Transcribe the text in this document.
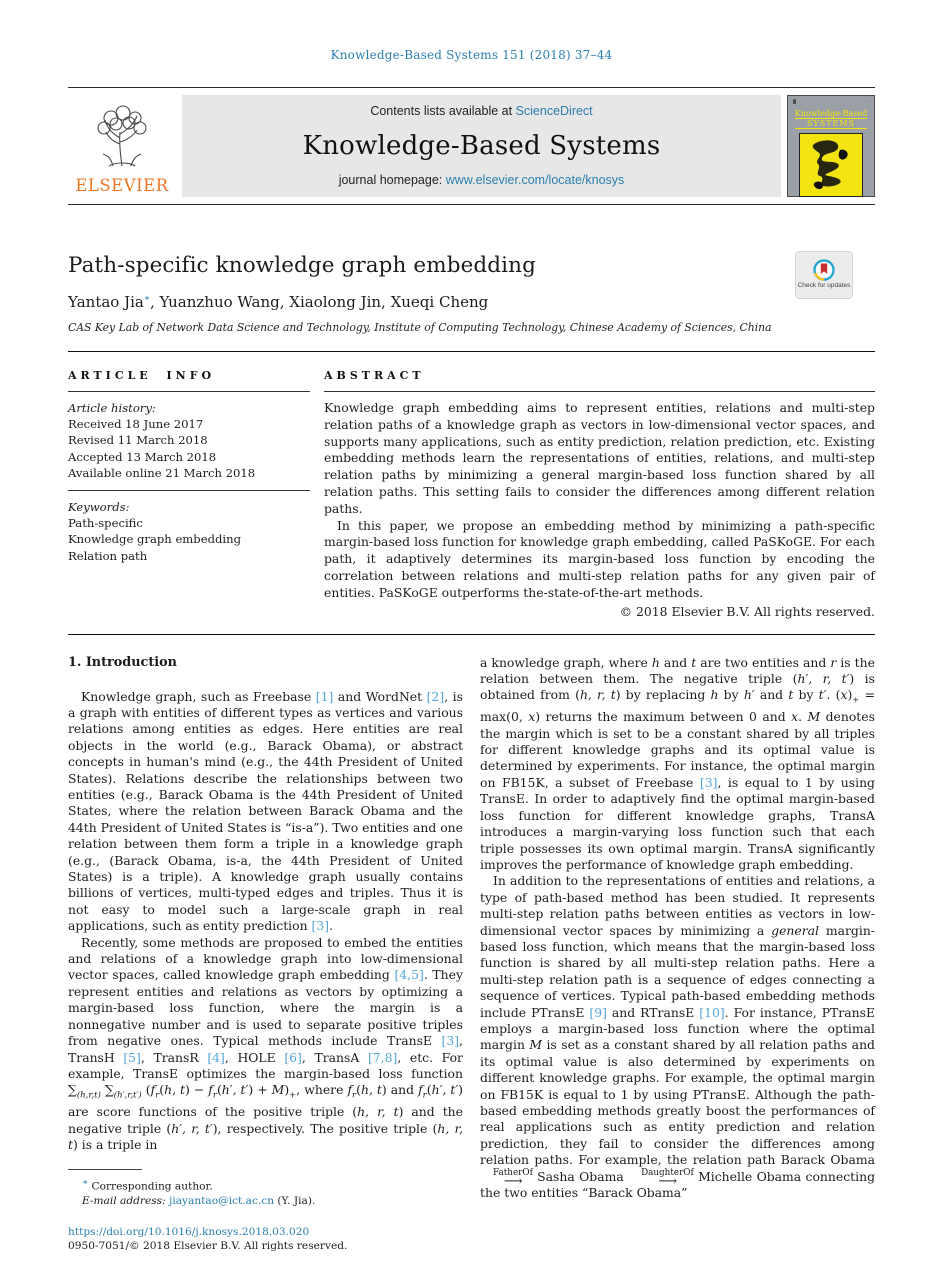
Knowledge-Based Systems 151 (2018) 37–44
ELSEVIER
Contents lists available at ScienceDirect
Knowledge-Based Systems
journal homepage: www.elsevier.com/locate/knosys
▓	···
Knowledge-Based
SYSTEMS
Path-specific knowledge graph embedding
Check for updates
Yantao Jia∗, Yuanzhuo Wang, Xiaolong Jin, Xueqi Cheng
CAS Key Lab of Network Data Science and Technology, Institute of Computing Technology, Chinese Academy of Sciences, China
ARTICLE INFO
Article history:
Received 18 June 2017
Revised 11 March 2018
Accepted 13 March 2018
Available online 21 March 2018
Keywords:
Path-specific
Knowledge graph embedding
Relation path
ABSTRACT

Knowledge graph embedding aims to represent entities, relations and multi-step relation paths of a knowledge graph as vectors in low-dimensional vector spaces, and supports many applications, such as entity prediction, relation prediction, etc. Existing embedding methods learn the representations of entities, relations, and multi-step relation paths by minimizing a general margin-based loss function shared by all relation paths. This setting fails to consider the differences among different relation paths.

In this paper, we propose an embedding method by minimizing a path-specific margin-based loss function for knowledge graph embedding, called PaSKoGE. For each path, it adaptively determines its margin-based loss function by encoding the correlation between relations and multi-step relation paths for any given pair of entities. PaSKoGE outperforms the-state-of-the-art methods.

© 2018 Elsevier B.V. All rights reserved.
1. Introduction

Knowledge graph, such as Freebase [1] and WordNet [2], is a graph with entities of different types as vertices and various relations among entities as edges. Here entities are real objects in the world (e.g., Barack Obama), or abstract concepts in human's mind (e.g., the 44th President of United States). Relations describe the relationships between two entities (e.g., Barack Obama is the 44th President of United States, where the relation between Barack Obama and the 44th President of United States is “is-a”). Two entities and one relation between them form a triple in a knowledge graph (e.g., (Barack Obama, is-a, the 44th President of United States) is a triple). A knowledge graph usually contains billions of vertices, multi-typed edges and triples. Thus it is not easy to model such a large-scale graph in real applications, such as entity prediction [3].

Recently, some methods are proposed to embed the entities and relations of a knowledge graph into low-dimensional vector spaces, called knowledge graph embedding [4,5]. They represent entities and relations as vectors by optimizing a margin-based loss function, where the margin is a nonnegative number and is used to separate positive triples from negative ones. Typical methods include TransE [3], TransH [5], TransR [4], HOLE [6], TransA [7,8], etc. For example, TransE optimizes the margin-based loss function $\sum_{(h,r,t)}$ $\sum_{(h',r,t')}$ ($f_r(h$, $t) - f_r(h'$, $t') + M)_+$, where $f_r(h$, t) and $f_r(h'$, t′) are score functions of the positive triple (h, r, t) and the negative triple (h′, r, t′), respectively. The positive triple (h, r, t) is a triple in

∗ Corresponding author.
E-mail address: jiayantao@ict.ac.cn (Y. Jia).
https://doi.org/10.1016/j.knosys.2018.03.020
0950-7051/© 2018 Elsevier B.V. All rights reserved.

a knowledge graph, where h and t are two entities and r is the relation between them. The negative triple (h′, r, t′) is obtained from (h, r, t) by replacing h by h′ and t by t′. $(x)_+ = \max(0$, x) returns the maximum between 0 and x. M denotes the margin which is set to be a constant shared by all triples for different knowledge graphs and its optimal value is determined by experiments. For instance, the optimal margin on FB15K, a subset of Freebase [3], is equal to 1 by using TransE. In order to adaptively find the optimal margin-based loss function for different knowledge graphs, TransA introduces a margin-varying loss function such that each triple possesses its own optimal margin. TransA significantly improves the performance of knowledge graph embedding.

In addition to the representations of entities and relations, a type of path-based method has been studied. It represents multi-step relation paths between entities as vectors in low-dimensional vector spaces by minimizing a general margin-based loss function, which means that the margin-based loss function is shared by all multi-step relation paths. Here a multi-step relation path is a sequence of edges connecting a sequence of vertices. Typical path-based embedding methods include PTransE [9] and RTransE [10]. For instance, PTransE employs a margin-based loss function where the optimal margin M is set as a constant shared by all relation paths and its optimal value is also determined by experiments on different knowledge graphs. For example, the optimal margin on FB15K is equal to 1 by using PTransE. Although the path-based embedding methods greatly boost the performances of real applications such as entity prediction and relation prediction, they fail to consider the differences among relation paths. For example, the relation path Barack Obama
FatherOf
⟶ Sasha Obama	DaughterOf
⟶	Michelle Obama connecting the two entities “Barack Obama”
